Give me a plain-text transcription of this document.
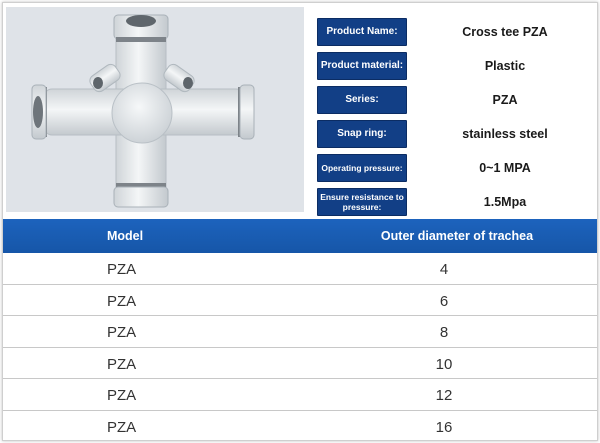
Product Name:	Cross tee PZA
Product material:	Plastic
Series:	PZA
Snap ring:	stainless steel
Operating pressure:	0~1 MPA
Ensure resistance to pressure:	1.5Mpa
Model	Outer diameter of trachea
PZA	4
PZA	6
PZA	8
PZA	10
PZA	12
PZA	16
